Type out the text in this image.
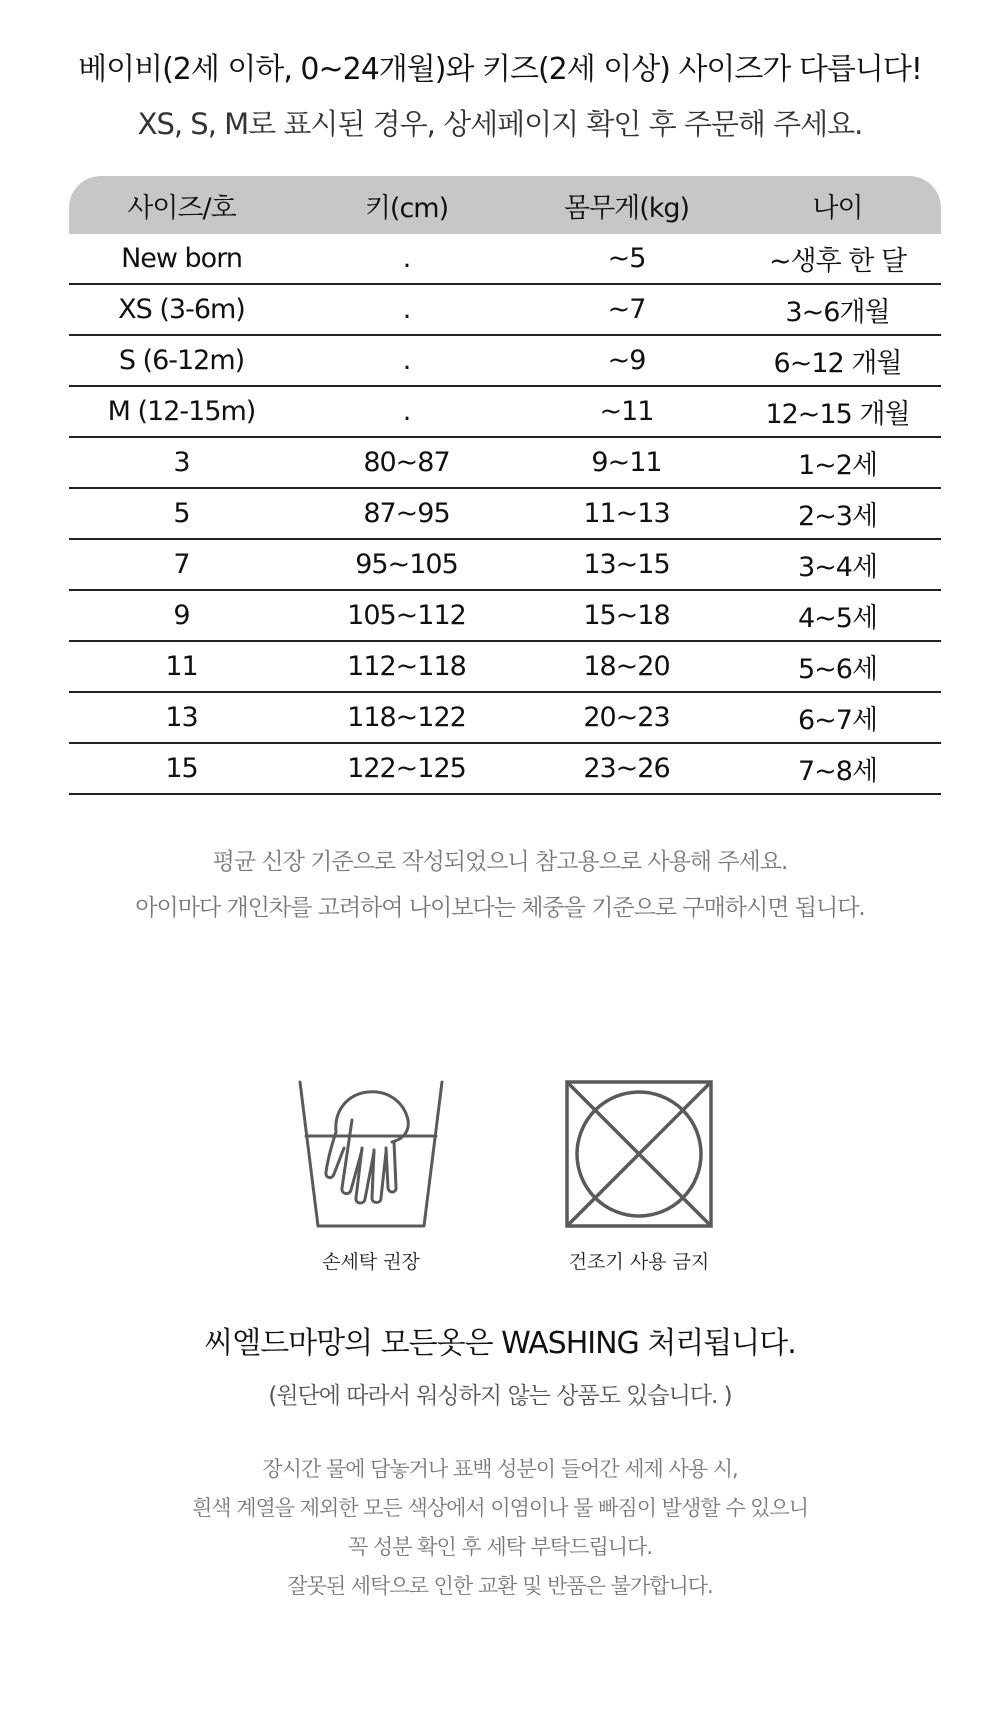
베이비(2세 이하, 0~24개월)와 키즈(2세 이상) 사이즈가 다릅니다!
XS, S, M로 표시된 경우, 상세페이지 확인 후 주문해 주세요.
사이즈/호	키(cm)	몸무게(kg)	나이
New born	.	~5	~생후 한 달
XS (3-6m)	.	~7	3~6개월
S (6-12m)	.	~9	6~12 개월
M (12-15m)	.	~11	12~15 개월
3	80~87	9~11	1~2세
5	87~95	11~13	2~3세
7	95~105	13~15	3~4세
9	105~112	15~18	4~5세
11	112~118	18~20	5~6세
13	118~122	20~23	6~7세
15	122~125	23~26	7~8세
평균 신장 기준으로 작성되었으니 참고용으로 사용해 주세요.
아이마다 개인차를 고려하여 나이보다는 체중을 기준으로 구매하시면 됩니다.
손세탁 권장	건조기 사용 금지
씨엘드마망의 모든옷은 WASHING 처리됩니다.
(원단에 따라서 워싱하지 않는 상품도 있습니다. )
장시간 물에 담놓거나 표백 성분이 들어간 세제 사용 시,
흰색 계열을 제외한 모든 색상에서 이염이나 물 빠짐이 발생할 수 있으니
꼭 성분 확인 후 세탁 부탁드립니다.
잘못된 세탁으로 인한 교환 및 반품은 불가합니다.
